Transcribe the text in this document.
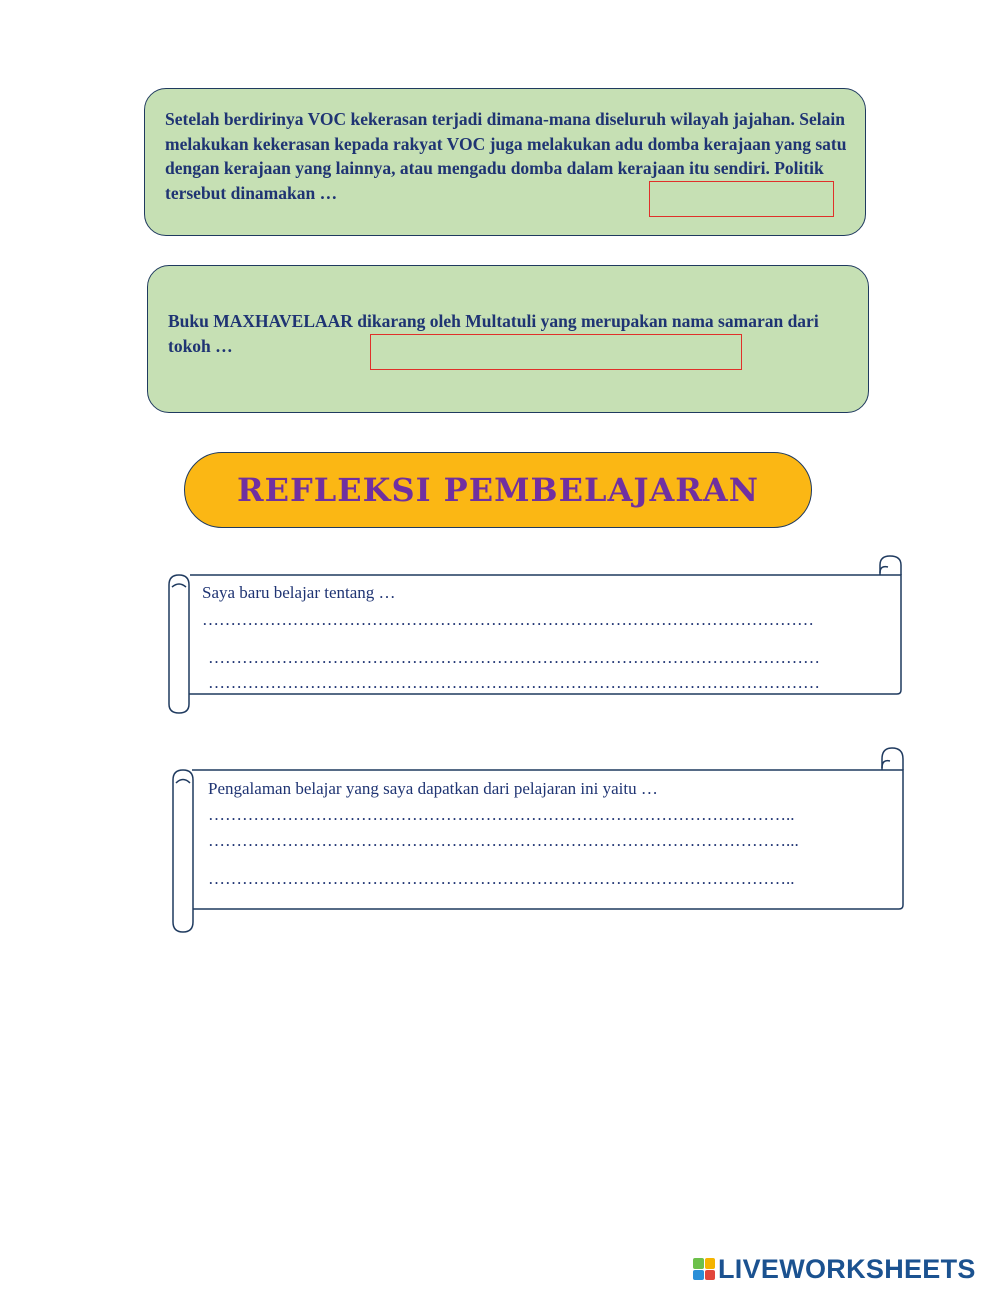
Setelah berdirinya VOC kekerasan terjadi dimana-mana diseluruh wilayah jajahan. Selain melakukan kekerasan kepada rakyat VOC juga melakukan adu domba kerajaan yang satu dengan kerajaan yang lainnya, atau mengadu domba dalam kerajaan itu sendiri. Politik tersebut dinamakan …

Buku MAXHAVELAAR dikarang oleh Multatuli yang merupakan nama samaran dari tokoh …

REFLEKSI PEMBELAJARAN
Saya baru belajar tentang …
………………………………………………………………………………………………
………………………………………………………………………………………………
………………………………………………………………………………………………
Pengalaman belajar yang saya dapatkan dari pelajaran ini yaitu …
…………………………………………………………………………………………..
…………………………………………………………………………………………...
…………………………………………………………………………………………..
LIVEWORKSHEETS
